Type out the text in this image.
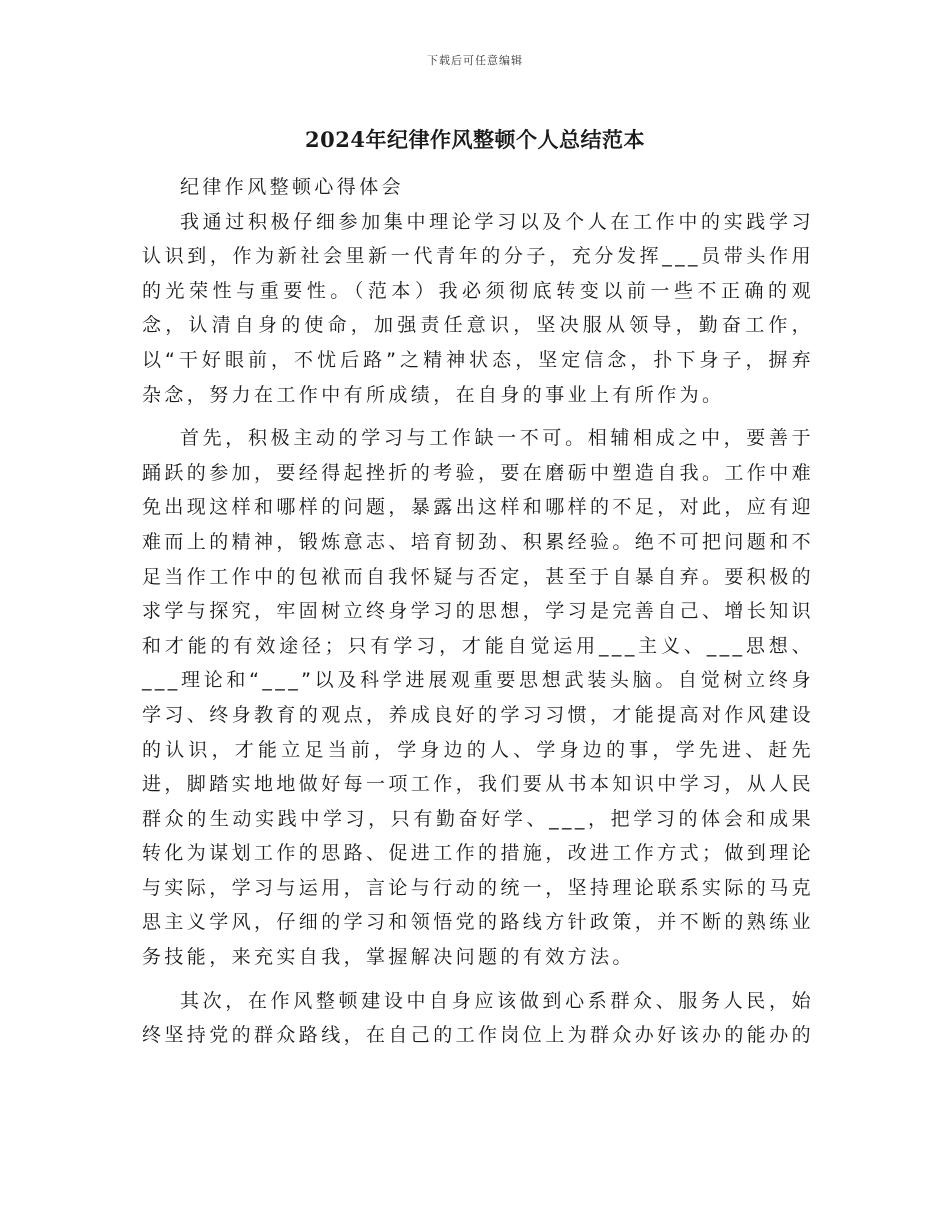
下载后可任意编辑
2024年纪律作风整顿个人总结范本

纪律作风整顿心得体会

我通过积极仔细参加集中理论学习以及个人在工作中的实践学习认识到，作为新社会里新一代青年的分子，充分发挥___员带头作用的光荣性与重要性。（范本）我必须彻底转变以前一些不正确的观念，认清自身的使命，加强责任意识，坚决服从领导，勤奋工作，以“干好眼前，不忧后路”之精神状态，坚定信念，扑下身子，摒弃杂念，努力在工作中有所成绩，在自身的事业上有所作为。

首先，积极主动的学习与工作缺一不可。相辅相成之中，要善于踊跃的参加，要经得起挫折的考验，要在磨砺中塑造自我。工作中难免出现这样和哪样的问题，暴露出这样和哪样的不足，对此，应有迎难而上的精神，锻炼意志、培育韧劲、积累经验。绝不可把问题和不足当作工作中的包袱而自我怀疑与否定，甚至于自暴自弃。要积极的求学与探究，牢固树立终身学习的思想，学习是完善自己、增长知识和才能的有效途径；只有学习，才能自觉运用___主义、___思想、___理论和“___”以及科学进展观重要思想武装头脑。自觉树立终身学习、终身教育的观点，养成良好的学习习惯，才能提高对作风建设的认识，才能立足当前，学身边的人、学身边的事，学先进、赶先进，脚踏实地地做好每一项工作，我们要从书本知识中学习，从人民群众的生动实践中学习，只有勤奋好学、___，把学习的体会和成果转化为谋划工作的思路、促进工作的措施，改进工作方式；做到理论与实际，学习与运用，言论与行动的统一，坚持理论联系实际的马克思主义学风，仔细的学习和领悟党的路线方针政策，并不断的熟练业务技能，来充实自我，掌握解决问题的有效方法。

其次，在作风整顿建设中自身应该做到心系群众、服务人民，始终坚持党的群众路线，在自己的工作岗位上为群众办好该办的能办的
